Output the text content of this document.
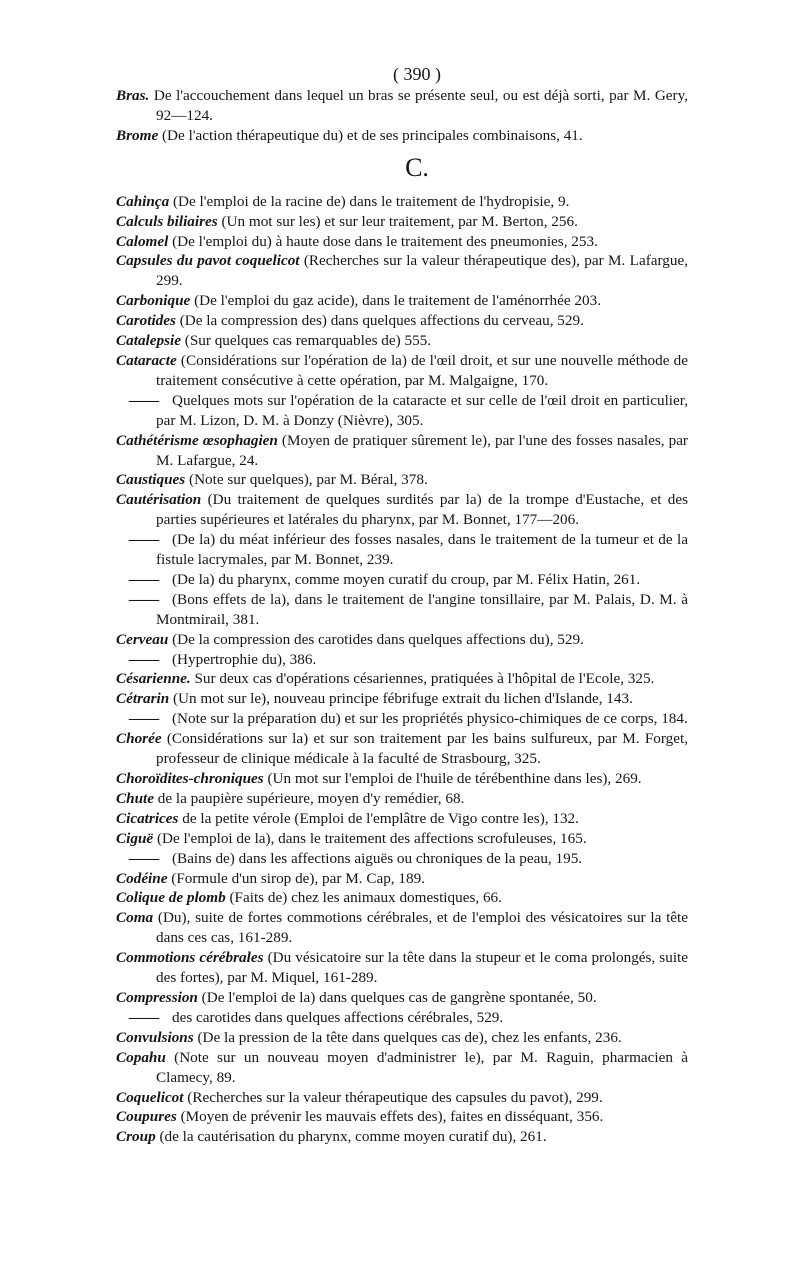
( 390 )

Bras. De l'accouchement dans lequel un bras se présente seul, ou est déjà sorti, par M. Gery, 92—124.

Brome (De l'action thérapeutique du) et de ses principales combinaisons, 41.

C.

Cahinça (De l'emploi de la racine de) dans le traitement de l'hydropisie, 9.

Calculs biliaires (Un mot sur les) et sur leur traitement, par M. Berton, 256.

Calomel (De l'emploi du) à haute dose dans le traitement des pneumonies, 253.

Capsules du pavot coquelicot (Recherches sur la valeur thérapeutique des), par M. Lafargue, 299.

Carbonique (De l'emploi du gaz acide), dans le traitement de l'aménorrhée 203.

Carotides (De la compression des) dans quelques affections du cerveau, 529.

Catalepsie (Sur quelques cas remarquables de) 555.

Cataracte (Considérations sur l'opération de la) de l'œil droit, et sur une nouvelle méthode de traitement consécutive à cette opération, par M. Malgaigne, 170.

—— Quelques mots sur l'opération de la cataracte et sur celle de l'œil droit en particulier, par M. Lizon, D. M. à Donzy (Nièvre), 305.

Cathétérisme œsophagien (Moyen de pratiquer sûrement le), par l'une des fosses nasales, par M. Lafargue, 24.

Caustiques (Note sur quelques), par M. Béral, 378.

Cautérisation (Du traitement de quelques surdités par la) de la trompe d'Eustache, et des parties supérieures et latérales du pharynx, par M. Bonnet, 177—206.

—— (De la) du méat inférieur des fosses nasales, dans le traitement de la tumeur et de la fistule lacrymales, par M. Bonnet, 239.

—— (De la) du pharynx, comme moyen curatif du croup, par M. Félix Hatin, 261.

—— (Bons effets de la), dans le traitement de l'angine tonsillaire, par M. Palais, D. M. à Montmirail, 381.

Cerveau (De la compression des carotides dans quelques affections du), 529.

—— (Hypertrophie du), 386.

Césarienne. Sur deux cas d'opérations césariennes, pratiquées à l'hôpital de l'Ecole, 325.

Cétrarin (Un mot sur le), nouveau principe fébrifuge extrait du lichen d'Islande, 143.

—— (Note sur la préparation du) et sur les propriétés physico-chimiques de ce corps, 184.

Chorée (Considérations sur la) et sur son traitement par les bains sulfureux, par M. Forget, professeur de clinique médicale à la faculté de Strasbourg, 325.

Choroïdites-chroniques (Un mot sur l'emploi de l'huile de térébenthine dans les), 269.

Chute de la paupière supérieure, moyen d'y remédier, 68.

Cicatrices de la petite vérole (Emploi de l'emplâtre de Vigo contre les), 132.

Ciguë (De l'emploi de la), dans le traitement des affections scrofuleuses, 165.

—— (Bains de) dans les affections aiguës ou chroniques de la peau, 195.

Codéine (Formule d'un sirop de), par M. Cap, 189.

Colique de plomb (Faits de) chez les animaux domestiques, 66.

Coma (Du), suite de fortes commotions cérébrales, et de l'emploi des vésicatoires sur la tête dans ces cas, 161-289.

Commotions cérébrales (Du vésicatoire sur la tête dans la stupeur et le coma prolongés, suite des fortes), par M. Miquel, 161-289.

Compression (De l'emploi de la) dans quelques cas de gangrène spontanée, 50.

—— des carotides dans quelques affections cérébrales, 529.

Convulsions (De la pression de la tête dans quelques cas de), chez les enfants, 236.

Copahu (Note sur un nouveau moyen d'administrer le), par M. Raguin, pharmacien à Clamecy, 89.

Coquelicot (Recherches sur la valeur thérapeutique des capsules du pavot), 299.

Coupures (Moyen de prévenir les mauvais effets des), faites en disséquant, 356.

Croup (de la cautérisation du pharynx, comme moyen curatif du), 261.
